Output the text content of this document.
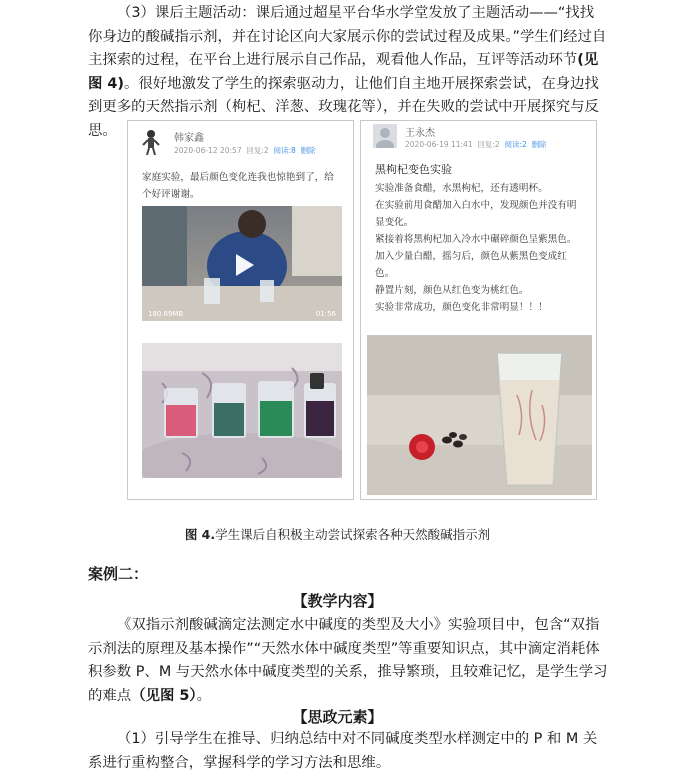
（3）课后主题活动：课后通过超星平台华水学堂发放了主题活动——“找找你身边的酸碱指示剂，并在讨论区向大家展示你的尝试过程及成果。”学生们经过自主探索的过程，在平台上进行展示自己作品，观看他人作品，互评等活动环节(见图 4)。很好地激发了学生的探索驱动力，让他们自主地开展探索尝试，在身边找到更多的天然指示剂（枸杞、洋葱、玫瑰花等），并在失败的尝试中开展探究与反思。	韩家鑫
2020-06-12 20:57 回复:2 阅读:8 删除

家庭实验，最后颜色变化连我也惊艳到了，给个好评谢谢。

180.69MB	01:56
王永杰
2020-06-19 11:41 回复:2 阅读:2 删除

黑枸杞变色实验

实验准备食醋，水黑枸杞，还有透明杯。

在实验前用食醋加入白水中，发现颜色并没有明显变化。

紧接着将黑枸杞加入冷水中碾碎颜色呈紫黑色。

加入少量白醋，摇匀后，颜色从紫黑色变成红色。

静置片刻，颜色从红色变为桃红色。

实验非常成功，颜色变化非常明显！！！

图 4.学生课后自积极主动尝试探索各种天然酸碱指示剂

案例二：

【教学内容】

《双指示剂酸碱滴定法测定水中碱度的类型及大小》实验项目中，包含“双指示剂法的原理及基本操作”“天然水体中碱度类型”等重要知识点，其中滴定消耗体积参数 P、M 与天然水体中碱度类型的关系，推导繁琐，且较难记忆，是学生学习的难点（见图 5）。

【思政元素】

（1）引导学生在推导、归纳总结中对不同碱度类型水样测定中的 P 和 M 关系进行重构整合，掌握科学的学习方法和思维。
